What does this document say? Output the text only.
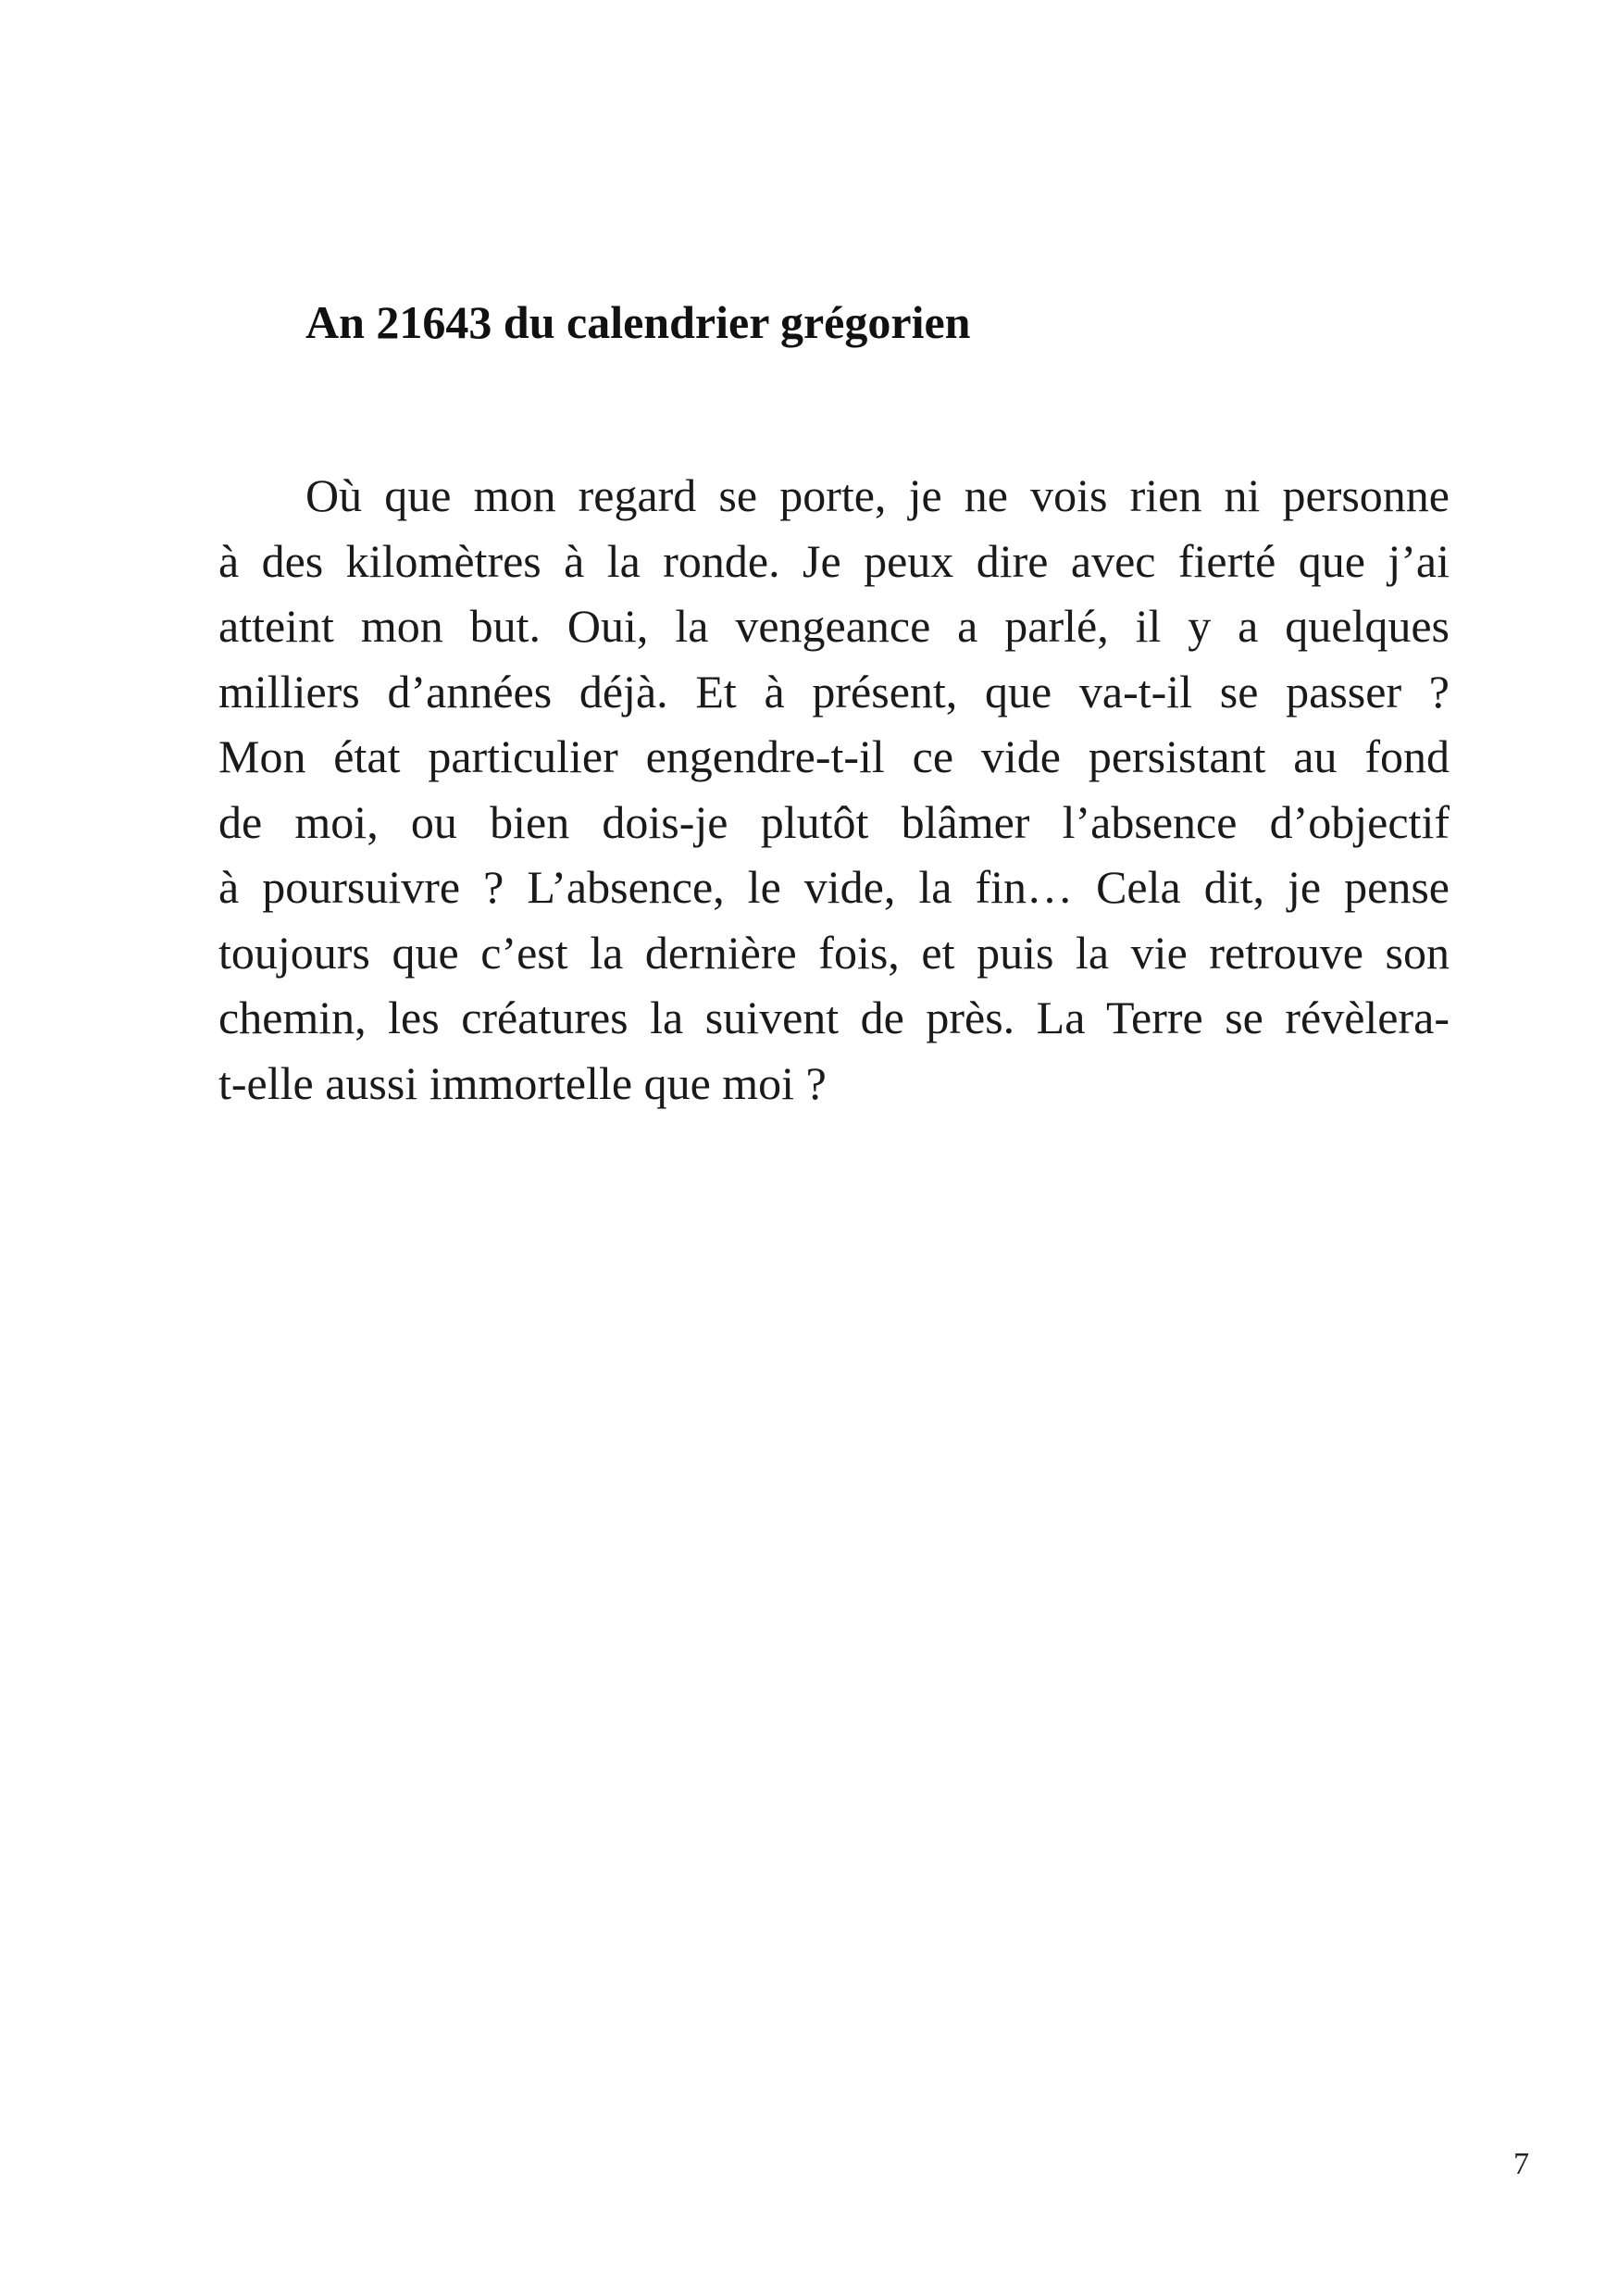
An 21643 du calendrier grégorien
Où que mon regard se porte, je ne vois rien ni personne
à des kilomètres à la ronde. Je peux dire avec fierté que j’ai
atteint mon but. Oui, la vengeance a parlé, il y a quelques
milliers d’années déjà. Et à présent, que va-t-il se passer ?
Mon état particulier engendre-t-il ce vide persistant au fond
de moi, ou bien dois-je plutôt blâmer l’absence d’objectif
à poursuivre ? L’absence, le vide, la fin… Cela dit, je pense
toujours que c’est la dernière fois, et puis la vie retrouve son
chemin, les créatures la suivent de près. La Terre se révèlera-
t-elle aussi immortelle que moi ?
7
